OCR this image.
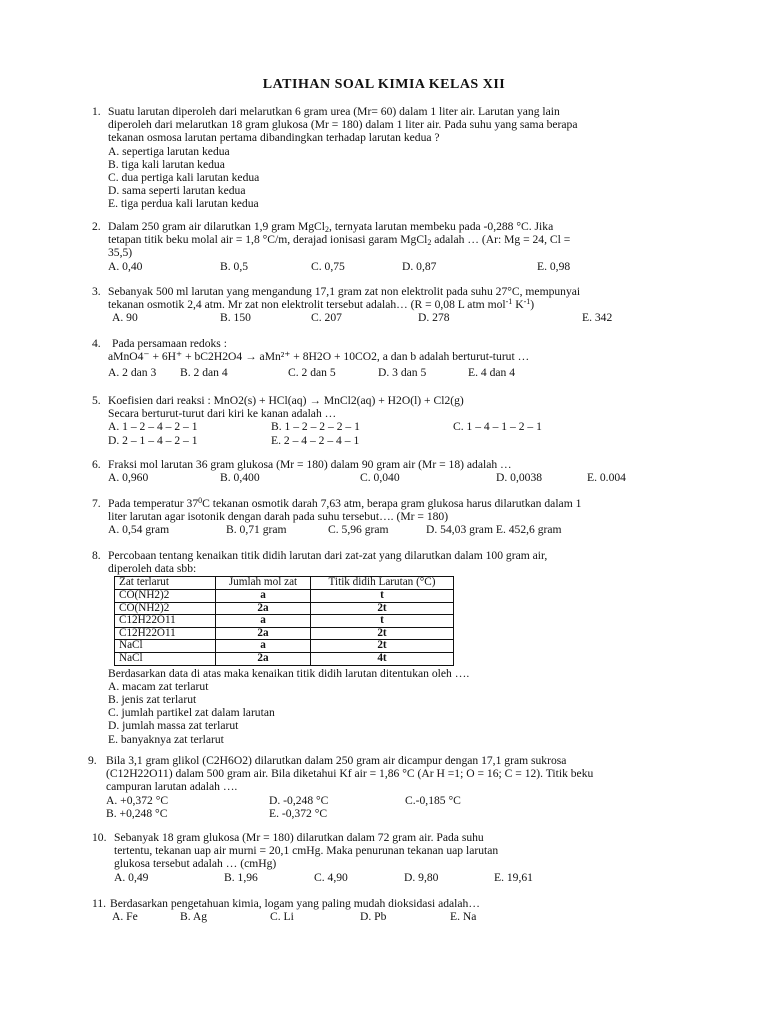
LATIHAN SOAL KIMIA KELAS XII
1. Suatu larutan diperoleh dari melarutkan 6 gram urea (Mr= 60) dalam 1 liter air. Larutan yang lain
diperoleh dari melarutkan 18 gram glukosa (Mr = 180) dalam 1 liter air. Pada suhu yang sama berapa
tekanan osmosa larutan pertama dibandingkan terhadap larutan kedua ?
A. sepertiga larutan kedua
B. tiga kali larutan kedua
C. dua pertiga kali larutan kedua
D. sama seperti larutan kedua
E. tiga perdua kali larutan kedua
2. Dalam 250 gram air dilarutkan 1,9 gram MgCl$_2$, ternyata larutan membeku pada -0,288 °C. Jika
tetapan titik beku molal air = 1,8 °C/m, derajad ionisasi garam MgCl$_2$ adalah … (Ar: Mg = 24, Cl =
35,5)
A. 0,40	B. 0,5	C. 0,75	D. 0,87	E. 0,98
3. Sebanyak 500 ml larutan yang mengandung 17,1 gram zat non elektrolit pada suhu 27°C, mempunyai
tekanan osmotik 2,4 atm. Mr zat non elektrolit tersebut adalah… (R = 0,08 L atm mol$^{-1}$ $K^{-1}$)
A. 90	B. 150	C. 207	D. 278	E. 342
4. Pada persamaan redoks :
aMnO4⁻ + 6H⁺ + bC2H2O4 → aMn²⁺ + 8H2O + 10CO2, a dan b adalah berturut-turut …
A. 2 dan 3 B. 2 dan 4	C. 2 dan 5	D. 3 dan 5	E. 4 dan 4
5. Koefisien dari reaksi : MnO2(s) + HCl(aq) → MnCl2(aq) + H2O(l) + Cl2(g)
Secara berturut-turut dari kiri ke kanan adalah …
A. 1 – 2 – 4 – 2 – 1	B. 1 – 2 – 2 – 2 – 1	C. 1 – 4 – 1 – 2 – 1
D. 2 – 1 – 4 – 2 – 1	E. 2 – 4 – 2 – 4 – 1
6. Fraksi mol larutan 36 gram glukosa (Mr = 180) dalam 90 gram air (Mr = 18) adalah …
A. 0,960	B. 0,400	C. 0,040	D. 0,0038	E. 0.004
7. Pada temperatur $37^0C$ tekanan osmotik darah 7,63 atm, berapa gram glukosa harus dilarutkan dalam 1
liter larutan agar isotonik dengan darah pada suhu tersebut…. (Mr = 180)
A. 0,54 gram	B. 0,71 gram	C. 5,96 gram	D. 54,03 gram E. 452,6 gram
8. Percobaan tentang kenaikan titik didih larutan dari zat-zat yang dilarutkan dalam 100 gram air,
diperoleh data sbb:
Zat terlarut	Jumlah mol zat	Titik didih Larutan (°C)
CO(NH2)2	a	t
CO(NH2)2	2a	2t
C12H22O11	a	t
C12H22O11	2a	2t
NaCl	a	2t
NaCl	2a	4t
Berdasarkan data di atas maka kenaikan titik didih larutan ditentukan oleh ….
A. macam zat terlarut
B. jenis zat terlarut
C. jumlah partikel zat dalam larutan
D. jumlah massa zat terlarut
E. banyaknya zat terlarut
9. Bila 3,1 gram glikol (C2H6O2) dilarutkan dalam 250 gram air dicampur dengan 17,1 gram sukrosa
(C12H22O11) dalam 500 gram air. Bila diketahui Kf air = 1,86 °C (Ar H =1; O = 16; C = 12). Titik beku
campuran larutan adalah ….
A. +0,372 °C	D. -0,248 °C	C.-0,185 °C
B. +0,248 °C	E. -0,372 °C
10. Sebanyak 18 gram glukosa (Mr = 180) dilarutkan dalam 72 gram air. Pada suhu
tertentu, tekanan uap air murni = 20,1 cmHg. Maka penurunan tekanan uap larutan
glukosa tersebut adalah … (cmHg)
A. 0,49	B. 1,96	C. 4,90	D. 9,80	E. 19,61
11. Berdasarkan pengetahuan kimia, logam yang paling mudah dioksidasi adalah…
A. Fe	B. Ag	C. Li	D. Pb	E. Na
